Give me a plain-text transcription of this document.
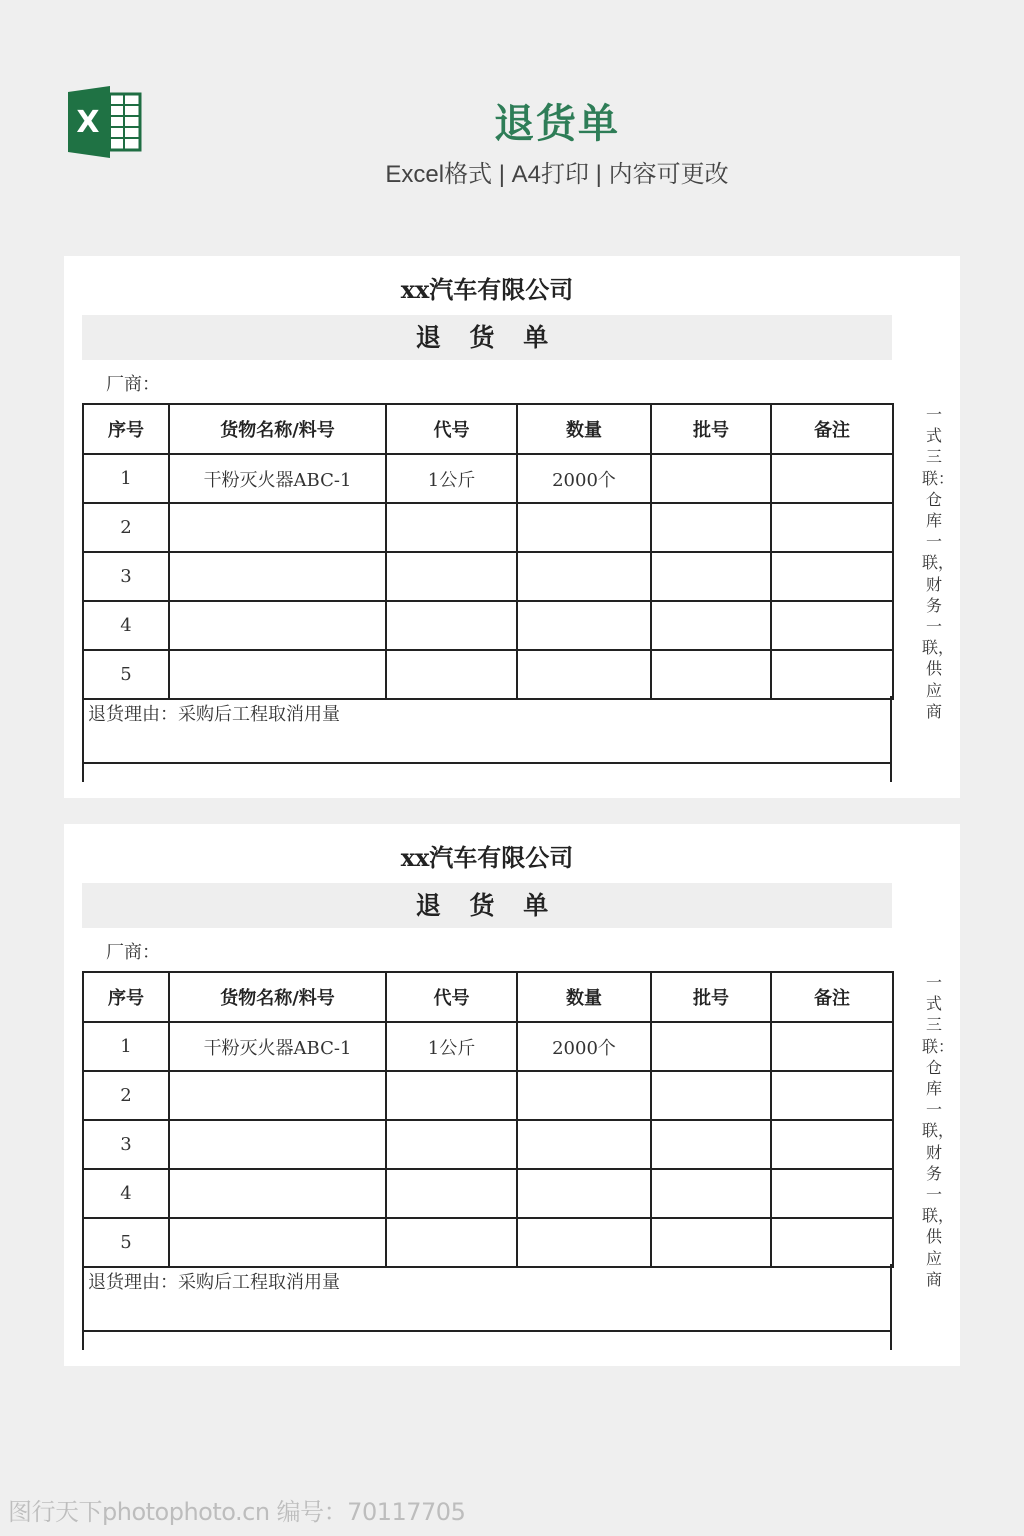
X	退货单
Excel格式 | A4打印 | 内容可更改
xx汽车有限公司
退 货 单
厂商：
序号	货物名称/料号	代号	数量	批号	备注
1	干粉灭火器ABC-1	1公斤	2000个		
2					
3					
4					
5					
退货理由：采购后工程取消用量
一式三联：仓库一联，财务一联，供应商
xx汽车有限公司
退 货 单
厂商：
序号	货物名称/料号	代号	数量	批号	备注
1	干粉灭火器ABC-1	1公斤	2000个		
2					
3					
4					
5					
退货理由：采购后工程取消用量
一式三联：仓库一联，财务一联，供应商
图行天下photophoto.cn 编号：70117705
